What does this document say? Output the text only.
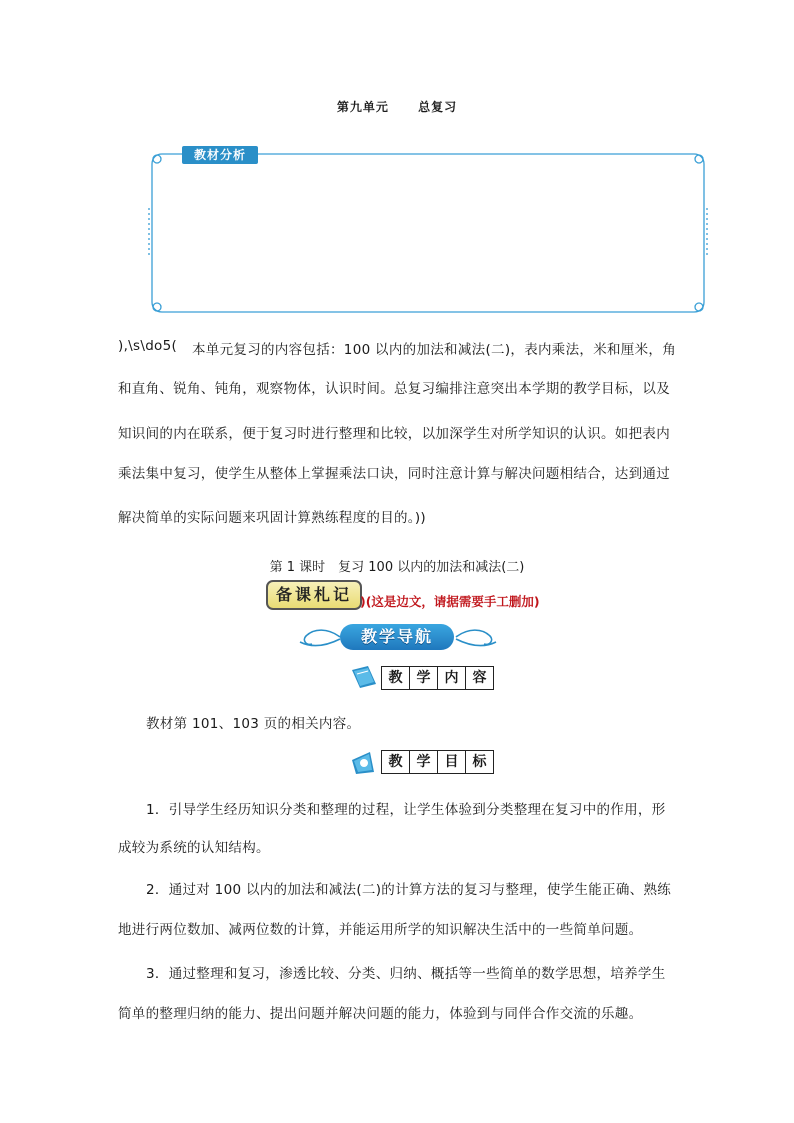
第九单元 总复习
教材分析
),\s\do5( 本单元复习的内容包括：100 以内的加法和减法(二)，表内乘法，米和厘米，角
和直角、锐角、钝角，观察物体，认识时间。总复习编排注意突出本学期的教学目标，以及
知识间的内在联系，便于复习时进行整理和比较，以加深学生对所学知识的认识。如把表内
乘法集中复习，使学生从整体上掌握乘法口诀，同时注意计算与解决问题相结合，达到通过
解决简单的实际问题来巩固计算熟练程度的目的。))
第 1 课时　复习 100 以内的加法和减法(二)
备课札记 )(这是边文，请据需要手工删加)
教学导航
教	学	内	容
教材第 101、103 页的相关内容。
教	学	目	标
1．引导学生经历知识分类和整理的过程，让学生体验到分类整理在复习中的作用，形
成较为系统的认知结构。
2．通过对 100 以内的加法和减法(二)的计算方法的复习与整理，使学生能正确、熟练
地进行两位数加、减两位数的计算，并能运用所学的知识解决生活中的一些简单问题。
3．通过整理和复习，渗透比较、分类、归纳、概括等一些简单的数学思想，培养学生
简单的整理归纳的能力、提出问题并解决问题的能力，体验到与同伴合作交流的乐趣。
